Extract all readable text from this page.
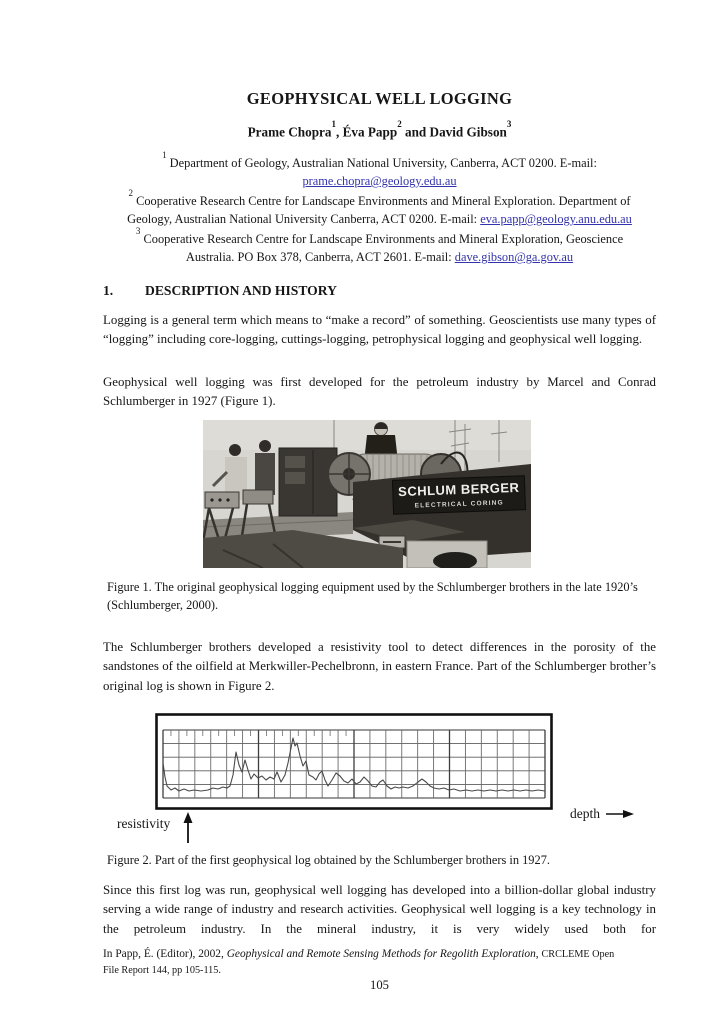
GEOPHYSICAL WELL LOGGING
Prame Chopra$^1$, Éva Papp$^2$ and David Gibson$^3$
$^1$ Department of Geology, Australian National University, Canberra, ACT 0200. E-mail:
prame.chopra@geology.edu.au
$^2$ Cooperative Research Centre for Landscape Environments and Mineral Exploration. Department of
Geology, Australian National University Canberra, ACT 0200. E-mail: eva.papp@geology.anu.edu.au
$^3$ Cooperative Research Centre for Landscape Environments and Mineral Exploration, Geoscience
Australia. PO Box 378, Canberra, ACT 2601. E-mail: dave.gibson@ga.gov.au
1. DESCRIPTION AND HISTORY
Logging is a general term which means to “make a record” of something. Geoscientists use many types of “logging” including core-logging, cuttings-logging, petrophysical logging and geophysical well logging.
Geophysical well logging was first developed for the petroleum industry by Marcel and Conrad Schlumberger in 1927 (Figure 1).
SCHLUM BERGER
ELECTRICAL CORING
Figure 1. The original geophysical logging equipment used by the Schlumberger brothers in the late 1920’s (Schlumberger, 2000).
The Schlumberger brothers developed a resistivity tool to detect differences in the porosity of the sandstones of the oilfield at Merkwiller-Pechelbronn, in eastern France. Part of the Schlumberger brother’s original log is shown in Figure 2.
depth
resistivity
Figure 2. Part of the first geophysical log obtained by the Schlumberger brothers in 1927.
Since this first log was run, geophysical well logging has developed into a billion-dollar global industry serving a wide range of industry and research activities. Geophysical well logging is a key technology in the petroleum industry. In the mineral industry, it is very widely used both for
In Papp, É. (Editor), 2002, Geophysical and Remote Sensing Methods for Regolith Exploration, CRCLEME Open
File Report 144, pp 105-115.
105
